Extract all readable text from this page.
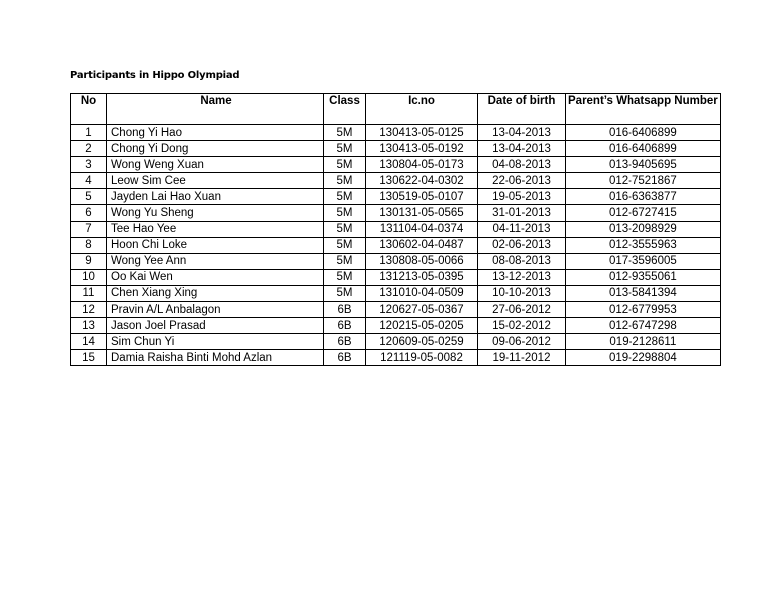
Participants in Hippo Olympiad
No	Name	Class	Ic.no	Date of birth	Parent’s Whatsapp Number
1	Chong Yi Hao	5M	130413-05-0125	13-04-2013	016-6406899
2	Chong Yi Dong	5M	130413-05-0192	13-04-2013	016-6406899
3	Wong Weng Xuan	5M	130804-05-0173	04-08-2013	013-9405695
4	Leow Sim Cee	5M	130622-04-0302	22-06-2013	012-7521867
5	Jayden Lai Hao Xuan	5M	130519-05-0107	19-05-2013	016-6363877
6	Wong Yu Sheng	5M	130131-05-0565	31-01-2013	012-6727415
7	Tee Hao Yee	5M	131104-04-0374	04-11-2013	013-2098929
8	Hoon Chi Loke	5M	130602-04-0487	02-06-2013	012-3555963
9	Wong Yee Ann	5M	130808-05-0066	08-08-2013	017-3596005
10	Oo Kai Wen	5M	131213-05-0395	13-12-2013	012-9355061
11	Chen Xiang Xing	5M	131010-04-0509	10-10-2013	013-5841394
12	Pravin A/L Anbalagon	6B	120627-05-0367	27-06-2012	012-6779953
13	Jason Joel Prasad	6B	120215-05-0205	15-02-2012	012-6747298
14	Sim Chun Yi	6B	120609-05-0259	09-06-2012	019-2128611
15	Damia Raisha Binti Mohd Azlan	6B	121119-05-0082	19-11-2012	019-2298804
